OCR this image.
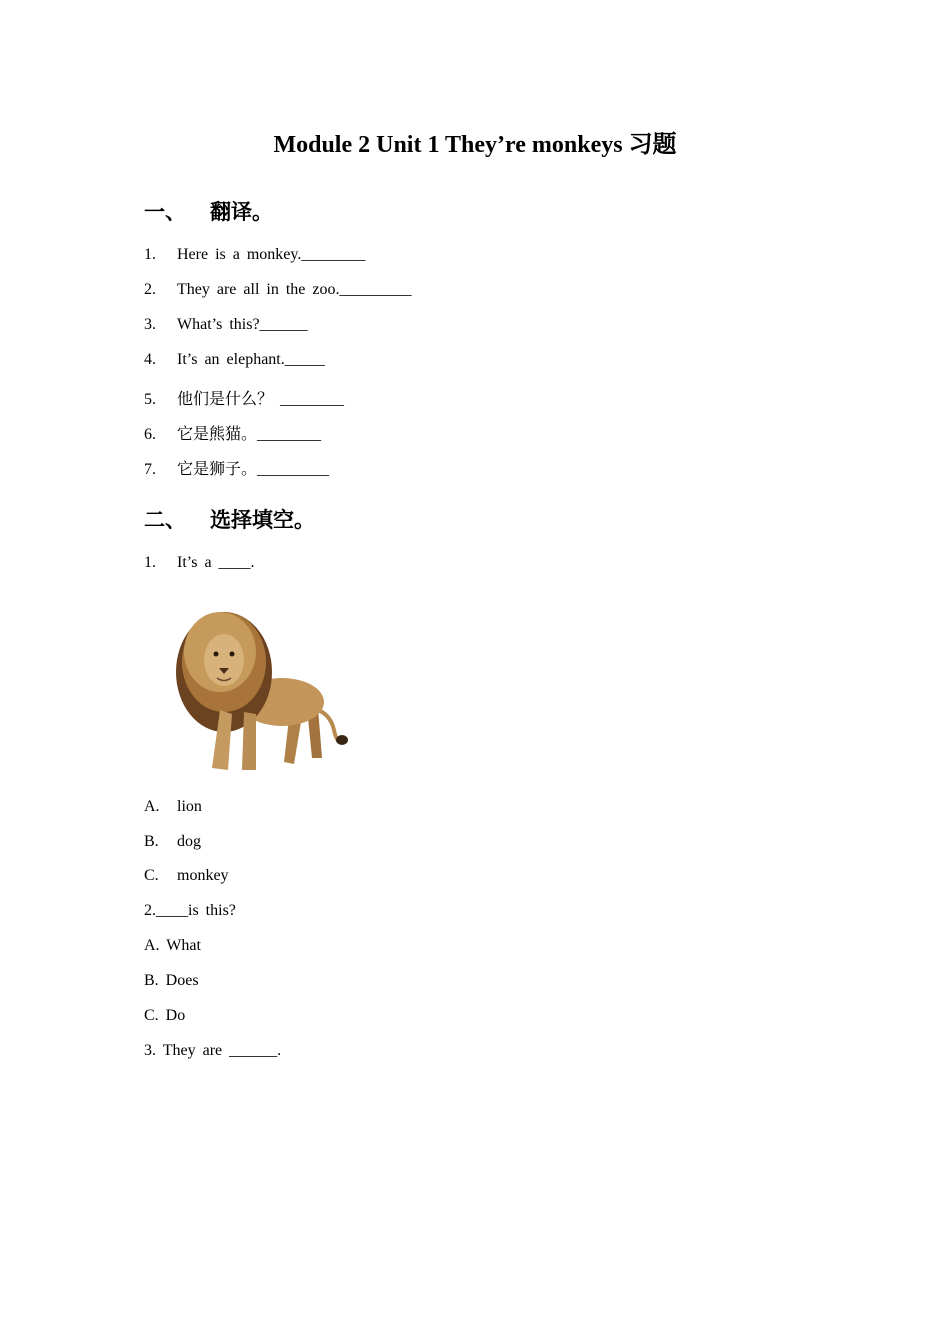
Module 2 Unit 1 They’re monkeys 习题
一、 翻译。
1. Here is a monkey.________
2. They are all in the zoo._________
3. What’s this?______
4. It’s an elephant._____
5. 他们是什么？ ________
6. 它是熊猫。________
7. 它是狮子。_________
二、 选择填空。
1. It’s a ____.
A. lion
B. dog
C. monkey
2.____is this?
A. What
B. Does
C. Do
3. They are ______.
